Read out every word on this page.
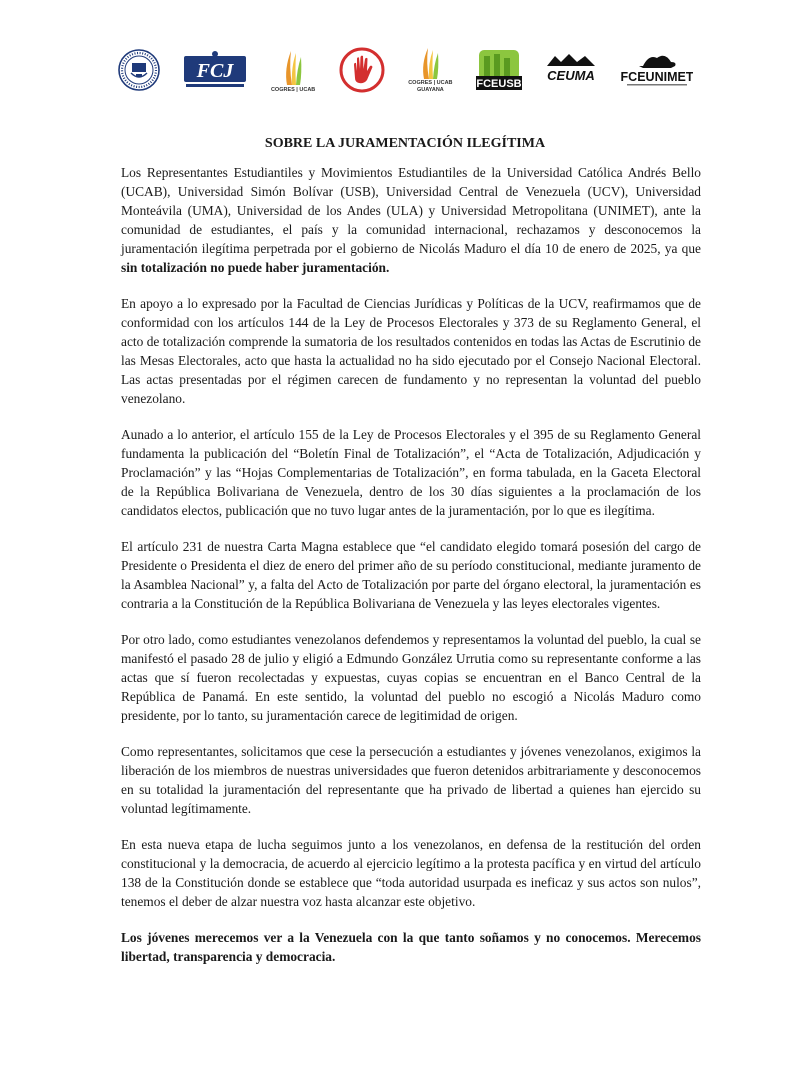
FCJ
COGRES | UCAB
COGRES | UCAB
GUAYANA	FCEUSB
CEUMA FCEUNIMET
SOBRE LA JURAMENTACIÓN ILEGÍTIMA

Los Representantes Estudiantiles y Movimientos Estudiantiles de la Universidad Católica Andrés Bello (UCAB), Universidad Simón Bolívar (USB), Universidad Central de Venezuela (UCV), Universidad Monteávila (UMA), Universidad de los Andes (ULA) y Universidad Metropolitana (UNIMET), ante la comunidad de estudiantes, el país y la comunidad internacional, rechazamos y desconocemos la juramentación ilegítima perpetrada por el gobierno de Nicolás Maduro el día 10 de enero de 2025, ya que sin totalización no puede haber juramentación.

En apoyo a lo expresado por la Facultad de Ciencias Jurídicas y Políticas de la UCV, reafirmamos que de conformidad con los artículos 144 de la Ley de Procesos Electorales y 373 de su Reglamento General, el acto de totalización comprende la sumatoria de los resultados contenidos en todas las Actas de Escrutinio de las Mesas Electorales, acto que hasta la actualidad no ha sido ejecutado por el Consejo Nacional Electoral. Las actas presentadas por el régimen carecen de fundamento y no representan la voluntad del pueblo venezolano.

Aunado a lo anterior, el artículo 155 de la Ley de Procesos Electorales y el 395 de su Reglamento General fundamenta la publicación del “Boletín Final de Totalización”, el “Acta de Totalización, Adjudicación y Proclamación” y las “Hojas Complementarias de Totalización”, en forma tabulada, en la Gaceta Electoral de la República Bolivariana de Venezuela, dentro de los 30 días siguientes a la proclamación de los candidatos electos, publicación que no tuvo lugar antes de la juramentación, por lo que es ilegítima.

El artículo 231 de nuestra Carta Magna establece que “el candidato elegido tomará posesión del cargo de Presidente o Presidenta el diez de enero del primer año de su período constitucional, mediante juramento de la Asamblea Nacional” y, a falta del Acto de Totalización por parte del órgano electoral, la juramentación es contraria a la Constitución de la República Bolivariana de Venezuela y las leyes electorales vigentes.

Por otro lado, como estudiantes venezolanos defendemos y representamos la voluntad del pueblo, la cual se manifestó el pasado 28 de julio y eligió a Edmundo González Urrutia como su representante conforme a las actas que sí fueron recolectadas y expuestas, cuyas copias se encuentran en el Banco Central de la República de Panamá. En este sentido, la voluntad del pueblo no escogió a Nicolás Maduro como presidente, por lo tanto, su juramentación carece de legitimidad de origen.

Como representantes, solicitamos que cese la persecución a estudiantes y jóvenes venezolanos, exigimos la liberación de los miembros de nuestras universidades que fueron detenidos arbitrariamente y desconocemos en su totalidad la juramentación del representante que ha privado de libertad a quienes han ejercido su voluntad legítimamente.

En esta nueva etapa de lucha seguimos junto a los venezolanos, en defensa de la restitución del orden constitucional y la democracia, de acuerdo al ejercicio legítimo a la protesta pacífica y en virtud del artículo 138 de la Constitución donde se establece que “toda autoridad usurpada es ineficaz y sus actos son nulos”, tenemos el deber de alzar nuestra voz hasta alcanzar este objetivo.

Los jóvenes merecemos ver a la Venezuela con la que tanto soñamos y no conocemos. Merecemos libertad, transparencia y democracia.
